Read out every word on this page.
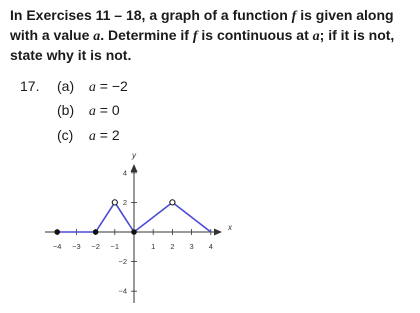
In Exercises 11 – 18, a graph of a function f is given along with a value a. Determine if f is continuous at a; if it is not, state why it is not.
17. (a) a = −2
(b) a = 0
(c) a = 2
x
y
−4 −3 −2 −1	1 2 3 4
4
2
−2
−4
